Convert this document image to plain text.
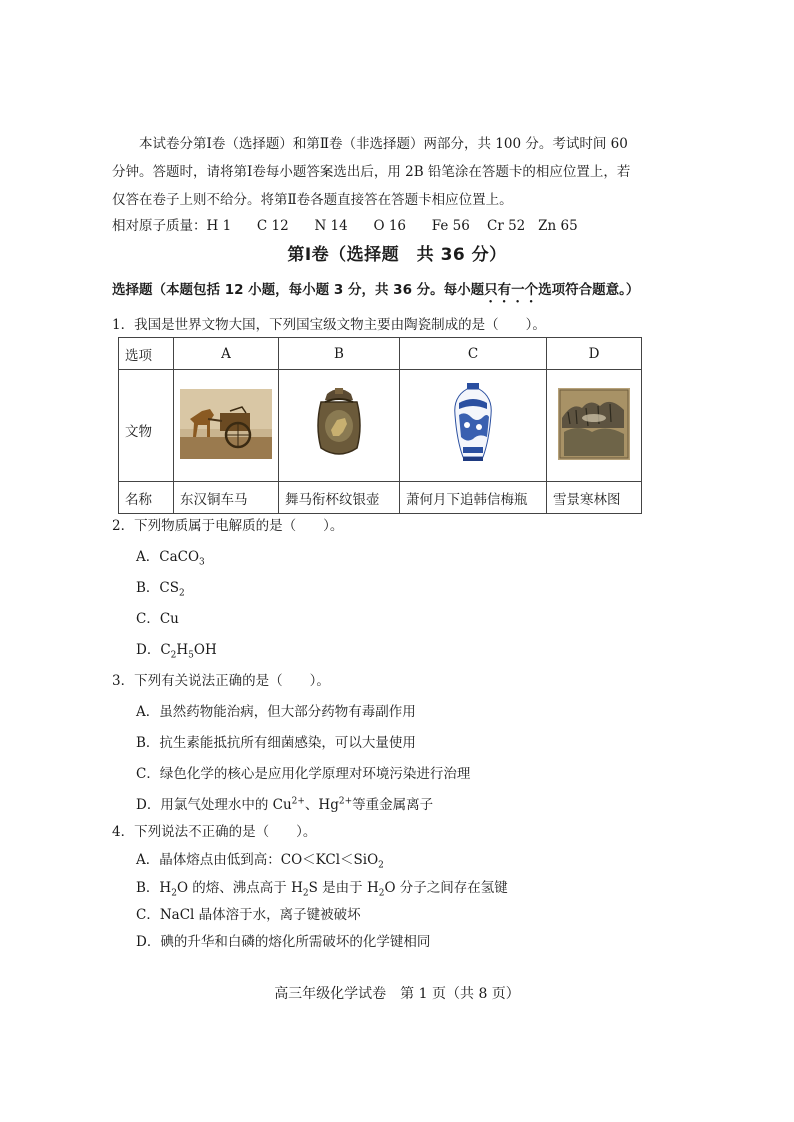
本试卷分第Ⅰ卷（选择题）和第Ⅱ卷（非选择题）两部分，共 100 分。考试时间 60

分钟。答题时，请将第Ⅰ卷每小题答案选出后，用 2B 铅笔涂在答题卡的相应位置上，若

仅答在卷子上则不给分。将第Ⅱ卷各题直接答在答题卡相应位置上。

相对原子质量：H 1      C 12      N 14      O 16      Fe 56    Cr 52   Zn 65
第Ⅰ卷（选择题　共 36 分）
选择题（本题包括 12 小题，每小题 3 分，共 36 分。每小题只有一个选项符合题意。）
1．我国是世界文物大国，下列国宝级文物主要由陶瓷制成的是（　　）。
选项	A	B	C	D
文物				
名称	东汉铜车马	舞马衔杯纹银壶	萧何月下追韩信梅瓶	雪景寒林图
2．下列物质属于电解质的是（　　）。
A．CaCO$_3$
B．$CS_2$
C．Cu
D．$C_2H_5OH$
3．下列有关说法正确的是（　　）。
A．虽然药物能治病，但大部分药物有毒副作用
B．抗生素能抵抗所有细菌感染，可以大量使用
C．绿色化学的核心是应用化学原理对环境污染进行治理
D．用氯气处理水中的 $Cu^{2+}$、$Hg^{2+}$等重金属离子
4．下列说法不正确的是（　　）。
A．晶体熔点由低到高：CO＜KCl＜SiO$_2$
B．$H_2O$ 的熔、沸点高于 $H_2S$ 是由于 $H_2O$ 分子之间存在氢键
C．NaCl 晶体溶于水，离子键被破坏
D．碘的升华和白磷的熔化所需破坏的化学键相同
高三年级化学试卷　第 1 页（共 8 页）
